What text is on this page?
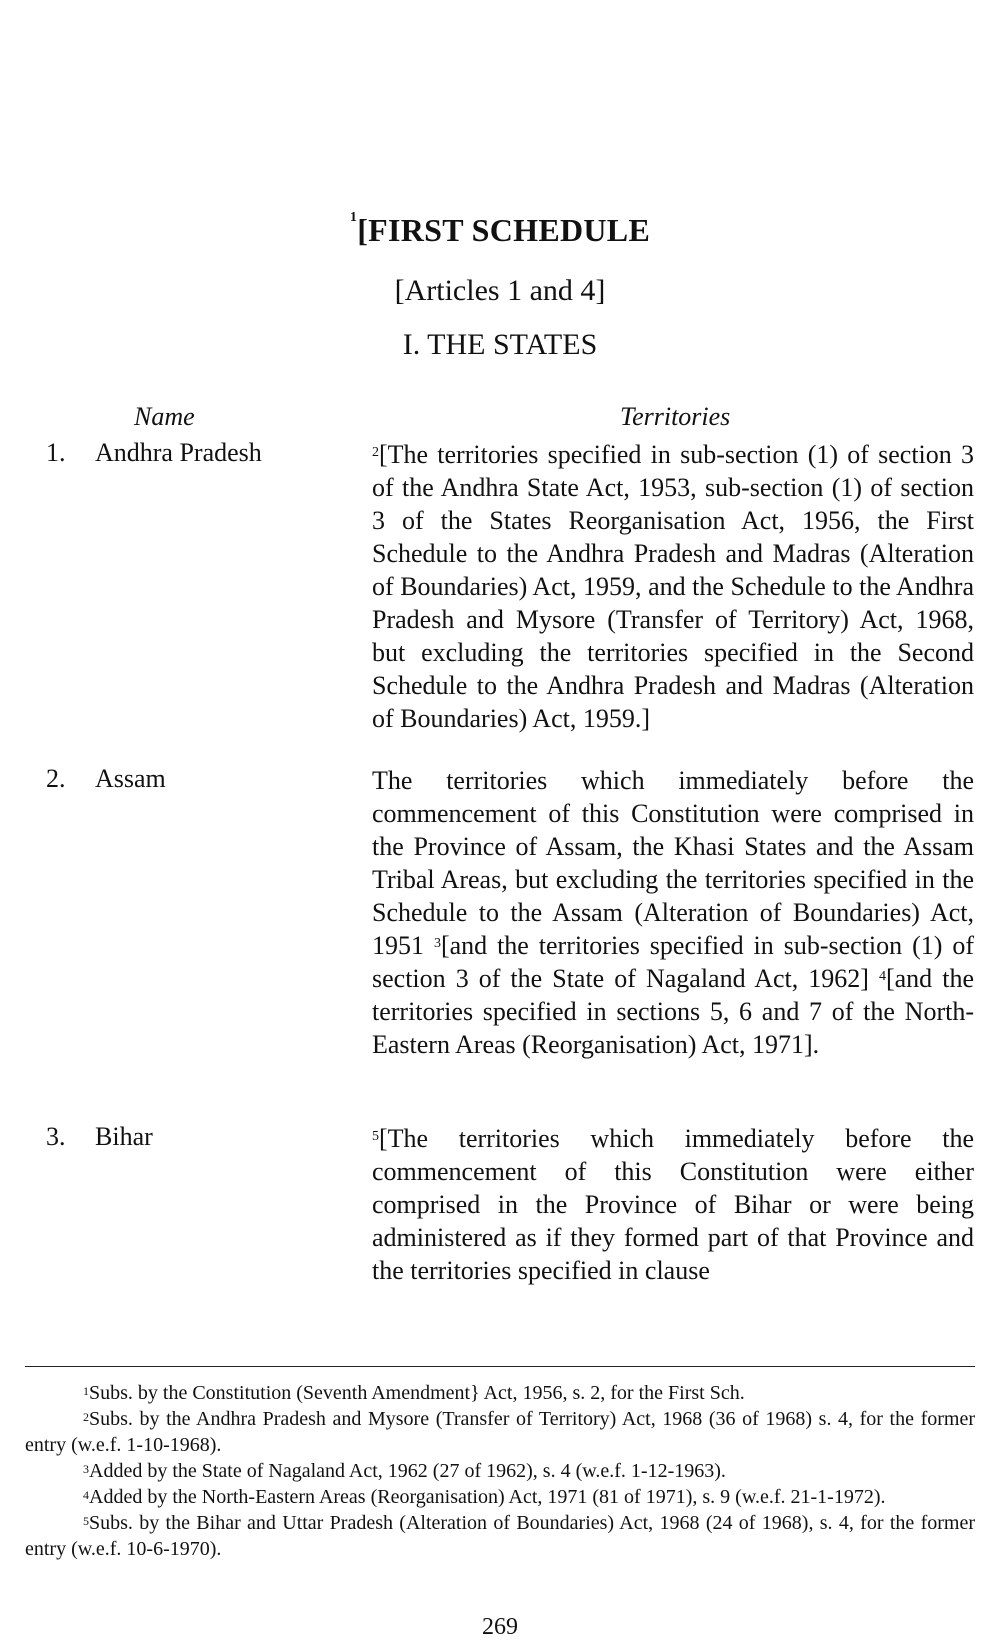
$^1$[FIRST SCHEDULE
[Articles 1 and 4]
I. THE STATES
Name	Territories
1. Andhra Pradesh	$^2$[The territories specified in sub-section (1) of section 3 of the Andhra State Act, 1953, sub-section (1) of section 3 of the States Reorganisation Act, 1956, the First Schedule to the Andhra Pradesh and Madras (Alteration of Boundaries) Act, 1959, and the Schedule to the Andhra Pradesh and Mysore (Transfer of Territory) Act, 1968, but excluding the territories specified in the Second Schedule to the Andhra Pradesh and Madras (Alteration of Boundaries) Act, 1959.]
2. Assam	The territories which immediately before the commencement of this Constitution were comprised in the Province of Assam, the Khasi States and the Assam Tribal Areas, but excluding the territories specified in the Schedule to the Assam (Alteration of Boundaries) Act, 1951 $^3$[and the territories specified in sub-section (1) of section 3 of the State of Nagaland Act, 1962] $^4$[and the territories specified in sections 5, 6 and 7 of the North-Eastern Areas (Reorganisation) Act, 1971].
3. Bihar	$^5$[The territories which immediately before the commencement of this Constitution were either comprised in the Province of Bihar or were being administered as if they formed part of that Province and the territories specified in clause

$^1$Subs. by the Constitution (Seventh Amendment} Act, 1956, s. 2, for the First Sch.

$^2$Subs. by the Andhra Pradesh and Mysore (Transfer of Territory) Act, 1968 (36 of 1968) s. 4, for the former entry (w.e.f. 1-10-1968).

$^3$Added by the State of Nagaland Act, 1962 (27 of 1962), s. 4 (w.e.f. 1-12-1963).

$^4$Added by the North-Eastern Areas (Reorganisation) Act, 1971 (81 of 1971), s. 9 (w.e.f. 21-1-1972).

$^5$Subs. by the Bihar and Uttar Pradesh (Alteration of Boundaries) Act, 1968 (24 of 1968), s. 4, for the former entry (w.e.f. 10-6-1970).

269
